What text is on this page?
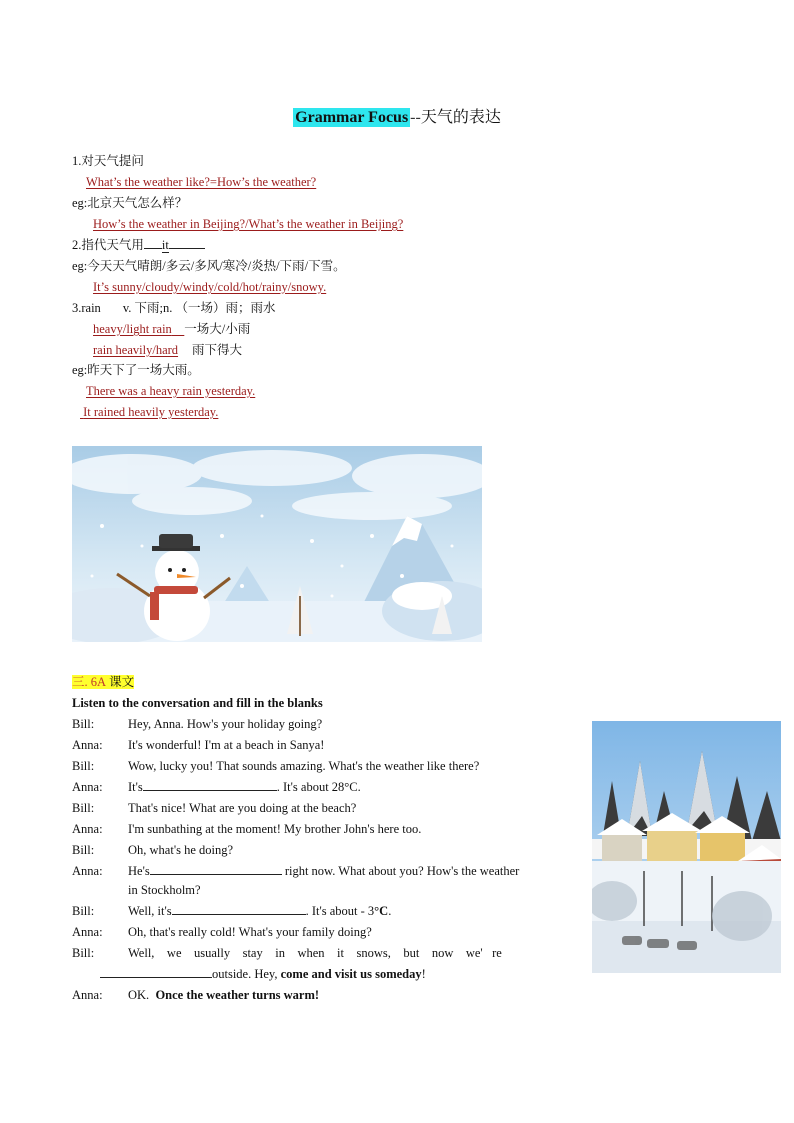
Grammar Focus --天气的表达
1.对天气提问
What’s the weather like?=How’s the weather?
eg:北京天气怎么样？
How’s the weather in Beijing?/What’s the weather in Beijing?
2.指代天气用 it
eg:今天天气晴朗/多云/多风/寒冷/炎热/下雨/下雪。
It’s sunny/cloudy/windy/cold/hot/rainy/snowy.
3.rain v. 下雨;n. （一场）雨；雨水
heavy/light rain 一场大/小雨
rain heavily/hard 雨下得大
eg:昨天下了一场大雨。
There was a heavy rain yesterday.
It rained heavily yesterday.
三. 6A 课文
Listen to the conversation and fill in the blanks
Bill:	Hey, Anna. How's your holiday going?
Anna: It's wonderful! I'm at a beach in Sanya!
Bill:	Wow, lucky you! That sounds amazing. What's the weather like there?
Anna: It's	. It's about 28°C.
Bill:	That's nice! What are you doing at the beach?
Anna: I'm sunbathing at the moment! My brother John's here too.
Bill:	Oh, what's he doing?
Anna: He's	right now. What about you? How's the weather
in Stockholm?
Bill:	Well, it's	. It's about - 3°C.
Anna: Oh, that's really cold! What's your family doing?
Bill:	Well,    we    usually    stay    in    when    it    snows,    but    now    we'   re
outside. Hey, come and visit us someday!
Anna: OK.  Once the weather turns warm!
